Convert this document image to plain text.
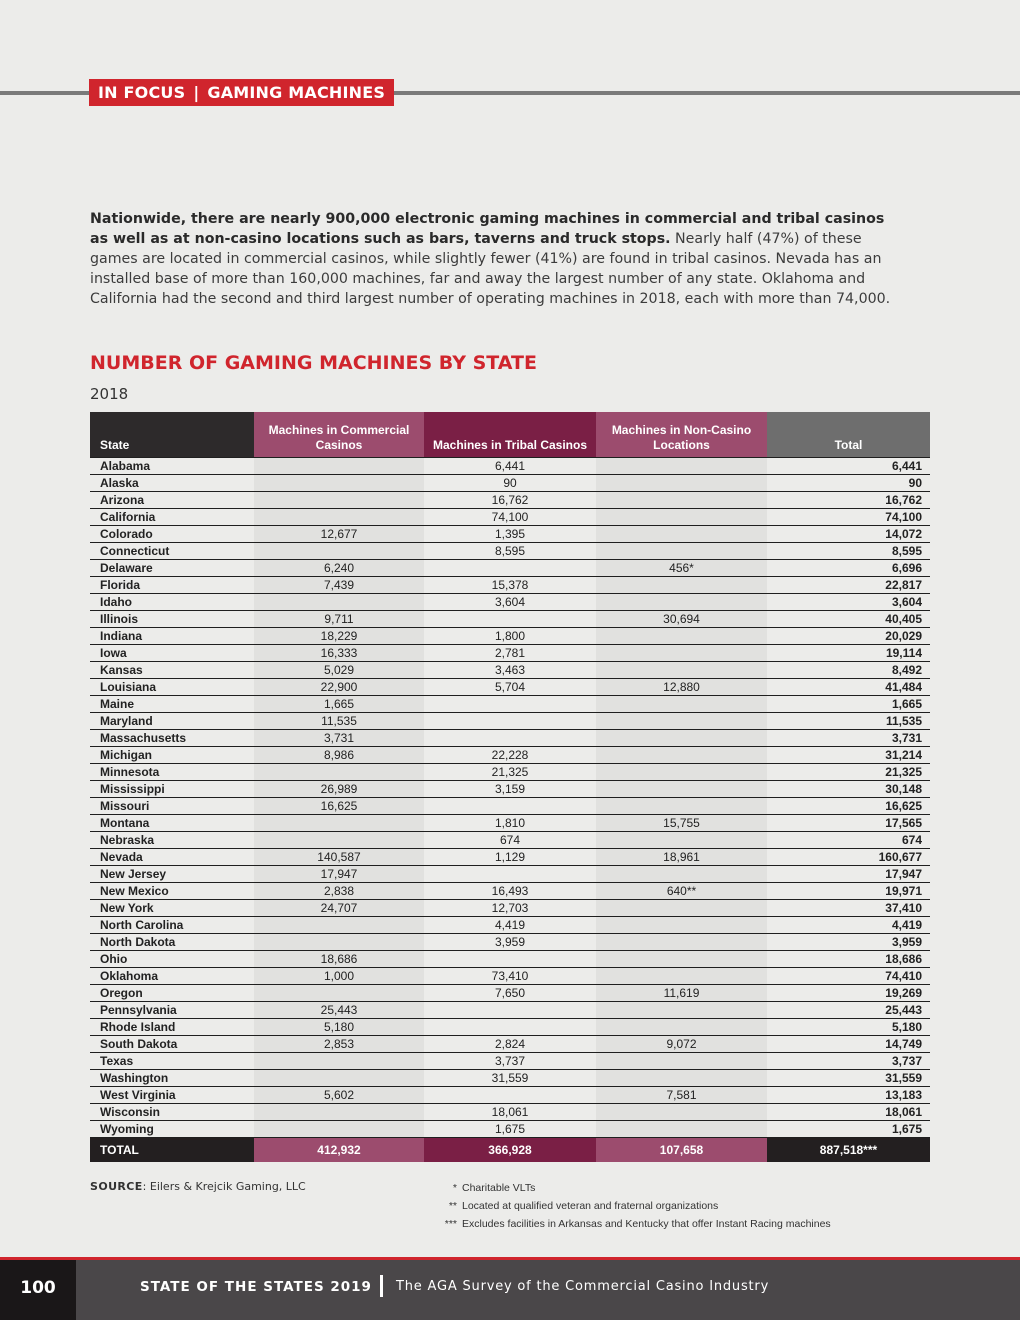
IN FOCUS | GAMING MACHINES

Nationwide, there are nearly 900,000 electronic gaming machines in commercial and tribal casinos as well as at non-casino locations such as bars, taverns and truck stops. Nearly half (47%) of these games are located in commercial casinos, while slightly fewer (41%) are found in tribal casinos. Nevada has an installed base of more than 160,000 machines, far and away the largest number of any state. Oklahoma and California had the second and third largest number of operating machines in 2018, each with more than 74,000.

NUMBER OF GAMING MACHINES BY STATE
2018
State	Machines in Commercial Casinos	Machines in Tribal Casinos	Machines in Non-Casino Locations	Total
Alabama		6,441		6,441
Alaska		90		90
Arizona		16,762		16,762
California		74,100		74,100
Colorado	12,677	1,395		14,072
Connecticut		8,595		8,595
Delaware	6,240		456*	6,696
Florida	7,439	15,378		22,817
Idaho		3,604		3,604
Illinois	9,711		30,694	40,405
Indiana	18,229	1,800		20,029
Iowa	16,333	2,781		19,114
Kansas	5,029	3,463		8,492
Louisiana	22,900	5,704	12,880	41,484
Maine	1,665			1,665
Maryland	11,535			11,535
Massachusetts	3,731			3,731
Michigan	8,986	22,228		31,214
Minnesota		21,325		21,325
Mississippi	26,989	3,159		30,148
Missouri	16,625			16,625
Montana		1,810	15,755	17,565
Nebraska		674		674
Nevada	140,587	1,129	18,961	160,677
New Jersey	17,947			17,947
New Mexico	2,838	16,493	640**	19,971
New York	24,707	12,703		37,410
North Carolina		4,419		4,419
North Dakota		3,959		3,959
Ohio	18,686			18,686
Oklahoma	1,000	73,410		74,410
Oregon		7,650	11,619	19,269
Pennsylvania	25,443			25,443
Rhode Island	5,180			5,180
South Dakota	2,853	2,824	9,072	14,749
Texas		3,737		3,737
Washington		31,559		31,559
West Virginia	5,602		7,581	13,183
Wisconsin		18,061		18,061
Wyoming		1,675		1,675
TOTAL	412,932	366,928	107,658	887,518***
SOURCE: Eilers & Krejcik Gaming, LLC	* Charitable VLTs
** Located at qualified veteran and fraternal organizations
*** Excludes facilities in Arkansas and Kentucky that offer Instant Racing machines
100	STATE OF THE STATES 2019 The AGA Survey of the Commercial Casino Industry
